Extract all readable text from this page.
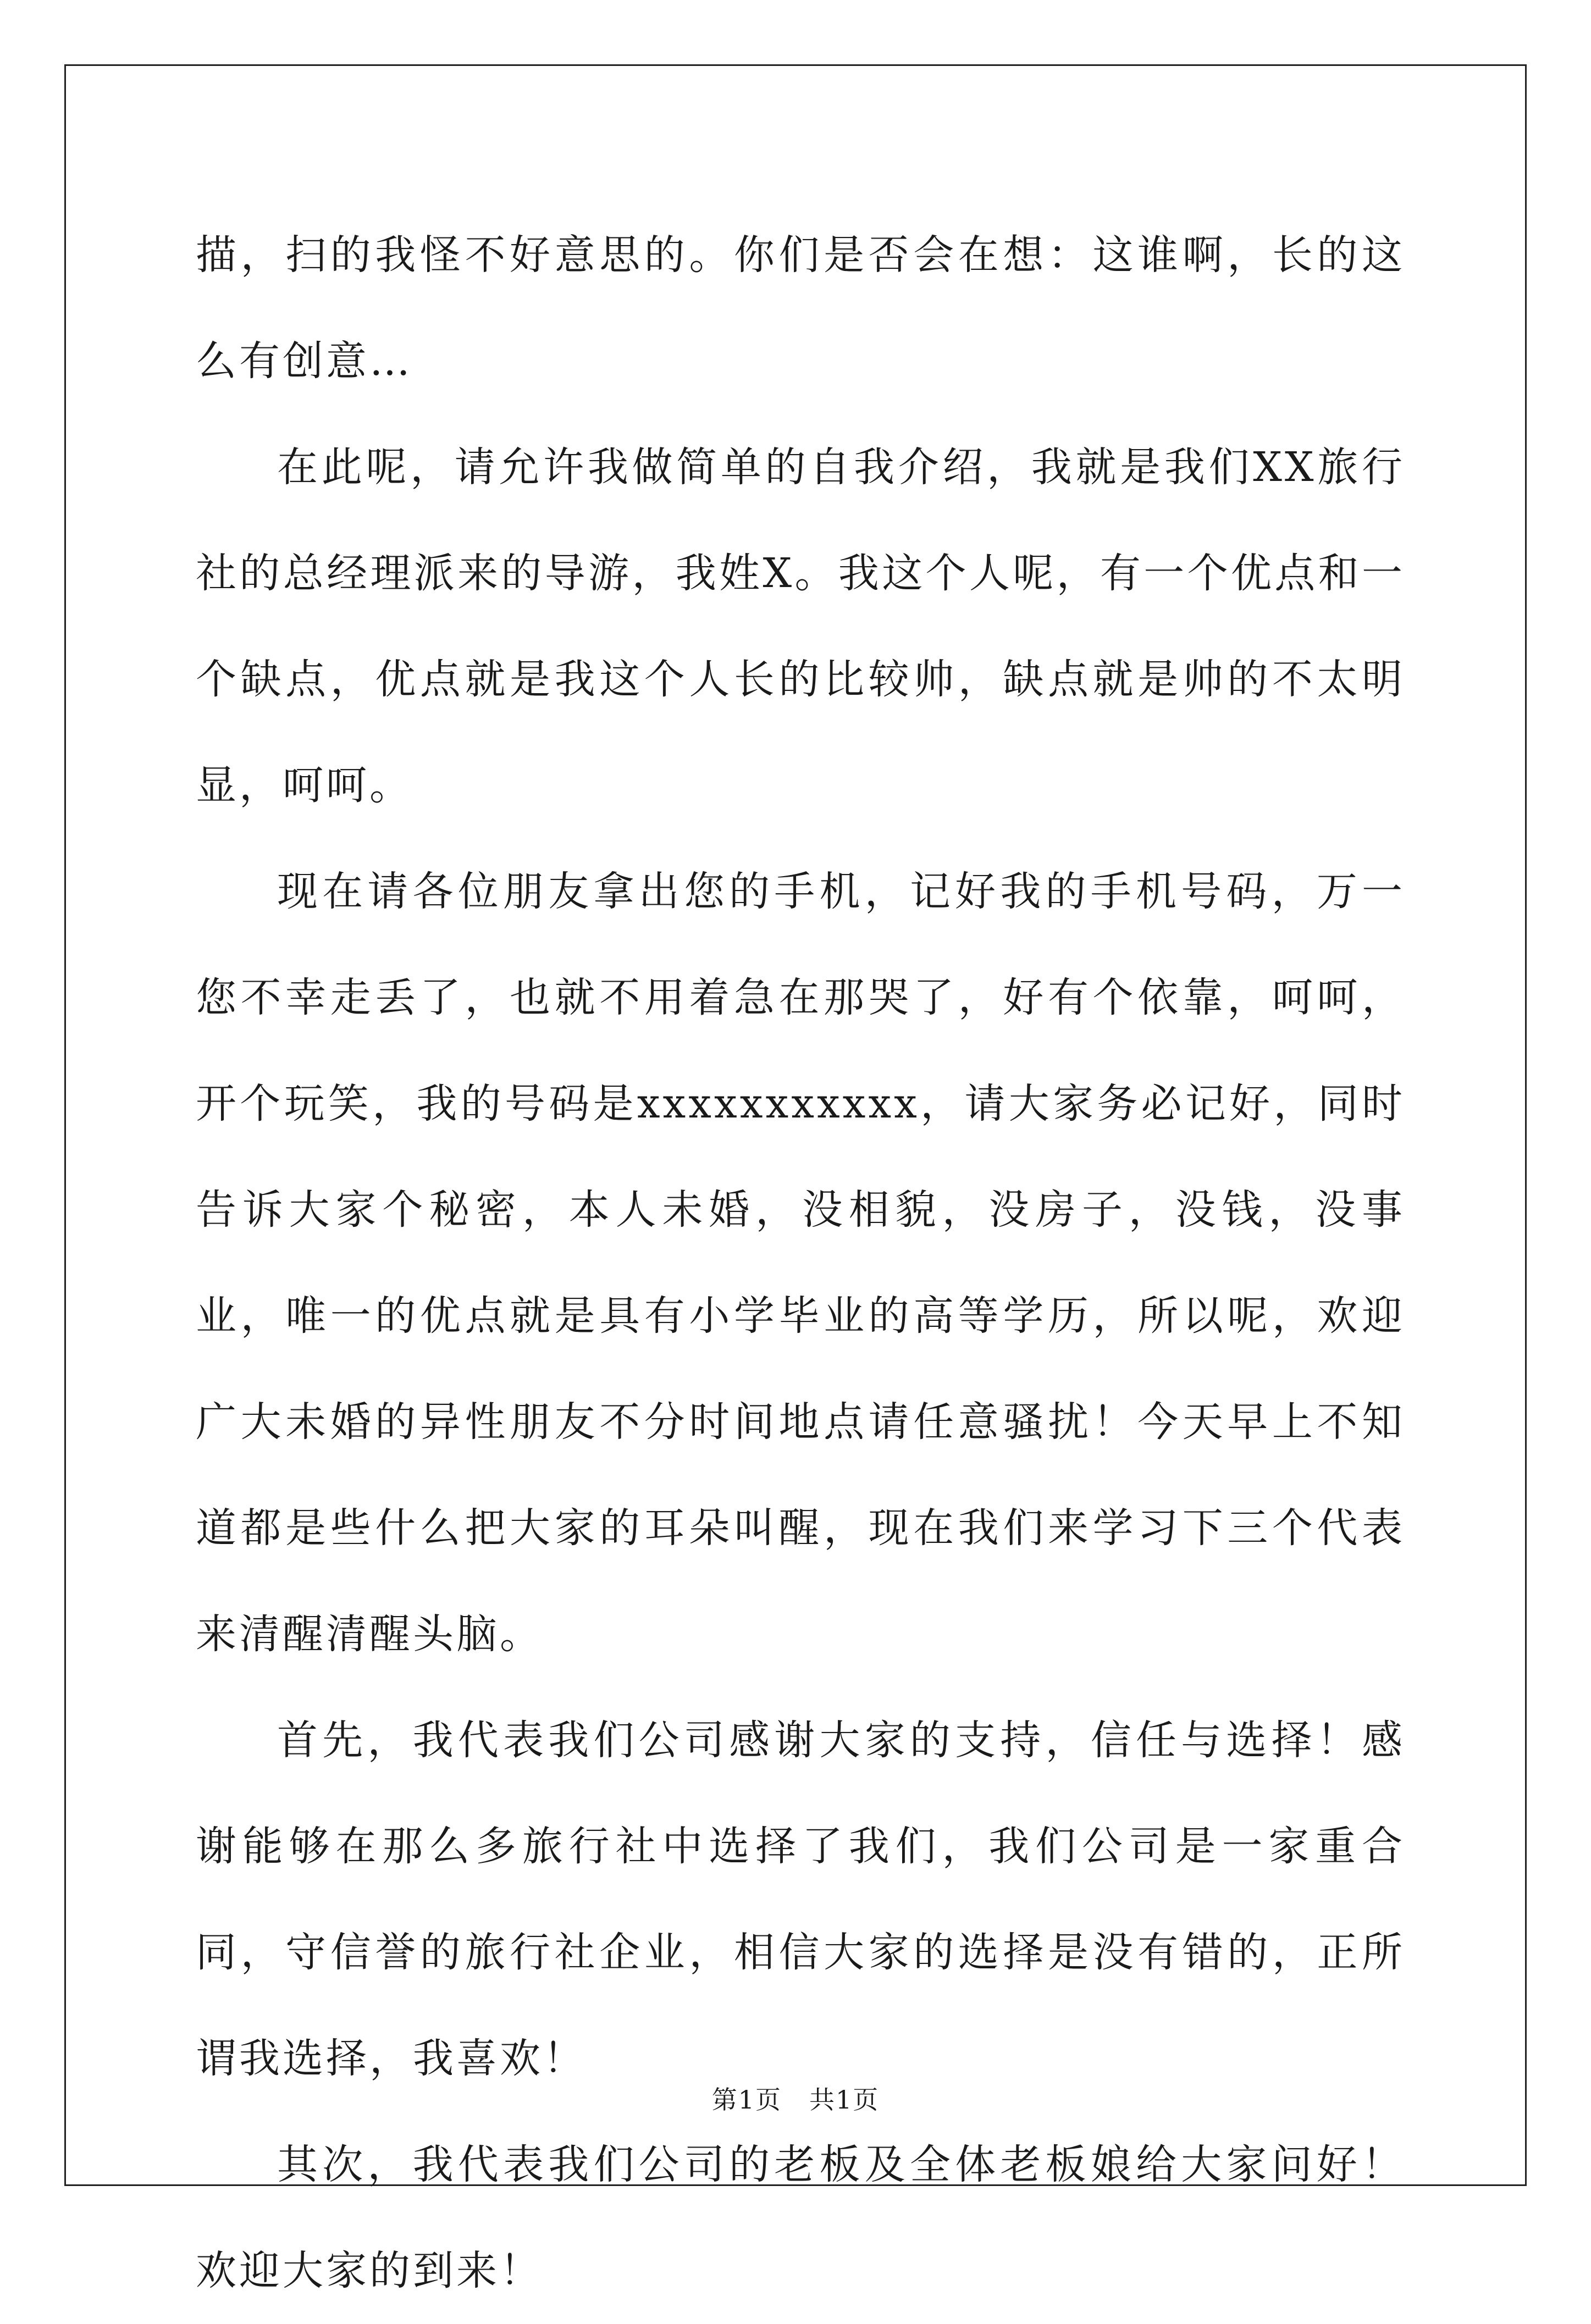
描，扫的我怪不好意思的。你们是否会在想：这谁啊，长的这么有创意…

在此呢，请允许我做简单的自我介绍，我就是我们XX旅行社的总经理派来的导游，我姓X。我这个人呢，有一个优点和一个缺点，优点就是我这个人长的比较帅，缺点就是帅的不太明显，呵呵。

现在请各位朋友拿出您的手机，记好我的手机号码，万一您不幸走丢了，也就不用着急在那哭了，好有个依靠，呵呵，开个玩笑，我的号码是xxxxxxxxxxx，请大家务必记好，同时告诉大家个秘密，本人未婚，没相貌，没房子，没钱，没事业，唯一的优点就是具有小学毕业的高等学历，所以呢，欢迎广大未婚的异性朋友不分时间地点请任意骚扰！今天早上不知道都是些什么把大家的耳朵叫醒，现在我们来学习下三个代表来清醒清醒头脑。

首先，我代表我们公司感谢大家的支持，信任与选择！感谢能够在那么多旅行社中选择了我们，我们公司是一家重合同，守信誉的旅行社企业，相信大家的选择是没有错的，正所谓我选择，我喜欢！

其次，我代表我们公司的老板及全体老板娘给大家问好！欢迎大家的到来！

第1页 共1页
